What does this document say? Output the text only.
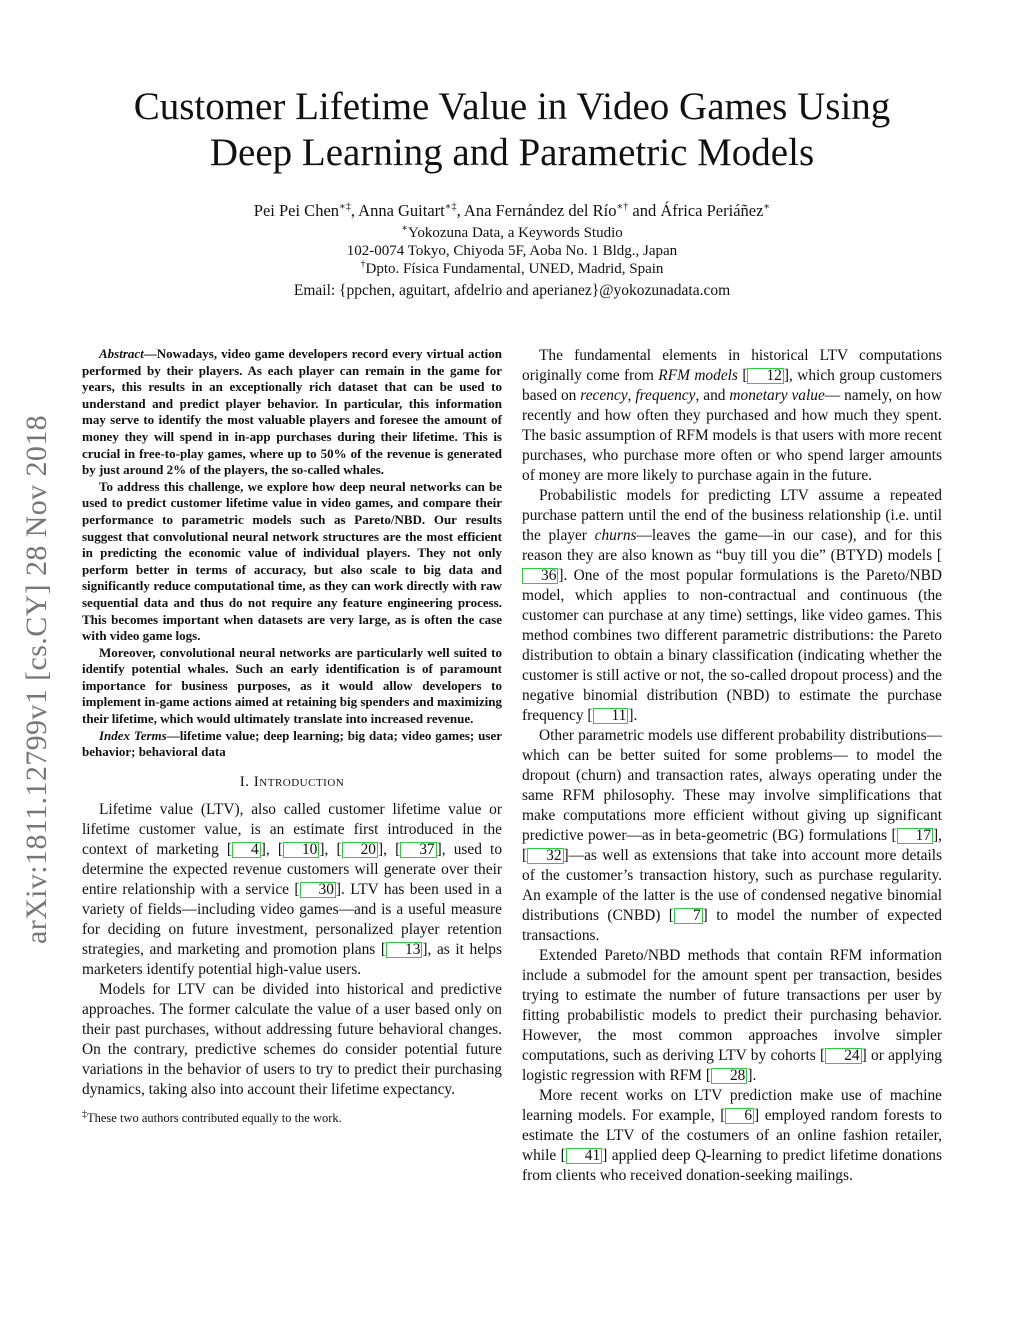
Customer Lifetime Value in Video Games Using
Deep Learning and Parametric Models
Pei Pei Chen∗‡, Anna Guitart∗‡, Ana Fernández del Río∗† and África Periáñez∗
∗Yokozuna Data, a Keywords Studio
102-0074 Tokyo, Chiyoda 5F, Aoba No. 1 Bldg., Japan
†Dpto. Física Fundamental, UNED, Madrid, Spain
Email: {ppchen, aguitart, afdelrio and aperianez}@yokozunadata.com
arXiv:1811.12799v1 [cs.CY] 28 Nov 2018

Abstract—Nowadays, video game developers record every virtual action performed by their players. As each player can remain in the game for years, this results in an exceptionally rich dataset that can be used to understand and predict player behavior. In particular, this information may serve to identify the most valuable players and foresee the amount of money they will spend in in-app purchases during their lifetime. This is crucial in free-to-play games, where up to 50% of the revenue is generated by just around 2% of the players, the so-called whales.

To address this challenge, we explore how deep neural networks can be used to predict customer lifetime value in video games, and compare their performance to parametric models such as Pareto/NBD. Our results suggest that convolutional neural network structures are the most efficient in predicting the economic value of individual players. They not only perform better in terms of accuracy, but also scale to big data and significantly reduce computational time, as they can work directly with raw sequential data and thus do not require any feature engineering process. This becomes important when datasets are very large, as is often the case with video game logs.

Moreover, convolutional neural networks are particularly well suited to identify potential whales. Such an early identification is of paramount importance for business purposes, as it would allow developers to implement in-game actions aimed at retaining big spenders and maximizing their lifetime, which would ultimately translate into increased revenue.

Index Terms—lifetime value; deep learning; big data; video games; user behavior; behavioral data

I. Introduction

Lifetime value (LTV), also called customer lifetime value or lifetime customer value, is an estimate first introduced in the context of marketing [ 4 ], [ 10 ], [ 20 ], [ 37 ], used to determine the expected revenue customers will generate over their entire relationship with a service [ 30 ]. LTV has been used in a variety of fields—including video games—and is a useful measure for deciding on future investment, personalized player retention strategies, and marketing and promotion plans [ 13 ], as it helps marketers identify potential high-value users.

Models for LTV can be divided into historical and predictive approaches. The former calculate the value of a user based only on their past purchases, without addressing future behavioral changes. On the contrary, predictive schemes do consider potential future variations in the behavior of users to try to predict their purchasing dynamics, taking also into account their lifetime expectancy.

‡These two authors contributed equally to the work.

The fundamental elements in historical LTV computations originally come from RFM models [ 12 ], which group customers based on recency, frequency, and monetary value— namely, on how recently and how often they purchased and how much they spent. The basic assumption of RFM models is that users with more recent purchases, who purchase more often or who spend larger amounts of money are more likely to purchase again in the future.

Probabilistic models for predicting LTV assume a repeated purchase pattern until the end of the business relationship (i.e. until the player churns—leaves the game—in our case), and for this reason they are also known as “buy till you die” (BTYD) models [36 ]. One of the most popular formulations is the Pareto/NBD model, which applies to non-contractual and continuous (the customer can purchase at any time) settings, like video games. This method combines two different parametric distributions: the Pareto distribution to obtain a binary classification (indicating whether the customer is still active or not, the so-called dropout process) and the negative binomial distribution (NBD) to estimate the purchase frequency [ 11 ].

Other parametric models use different probability distributions—which can be better suited for some problems— to model the dropout (churn) and transaction rates, always operating under the same RFM philosophy. These may involve simplifications that make computations more efficient without giving up significant predictive power—as in beta-geometric (BG) formulations [ 17 ], [ 32 ]—as well as extensions that take into account more details of the customer’s transaction history, such as purchase regularity. An example of the latter is the use of condensed negative binomial distributions (CNBD) [ 7 ] to model the number of expected transactions.

Extended Pareto/NBD methods that contain RFM information include a submodel for the amount spent per transaction, besides trying to estimate the number of future transactions per user by fitting probabilistic models to predict their purchasing behavior. However, the most common approaches involve simpler computations, such as deriving LTV by cohorts [ 24 ] or applying logistic regression with RFM [ 28 ].

More recent works on LTV prediction make use of machine learning models. For example, [ 6 ] employed random forests to estimate the LTV of the costumers of an online fashion retailer, while [ 41 ] applied deep Q-learning to predict lifetime donations from clients who received donation-seeking mailings.
